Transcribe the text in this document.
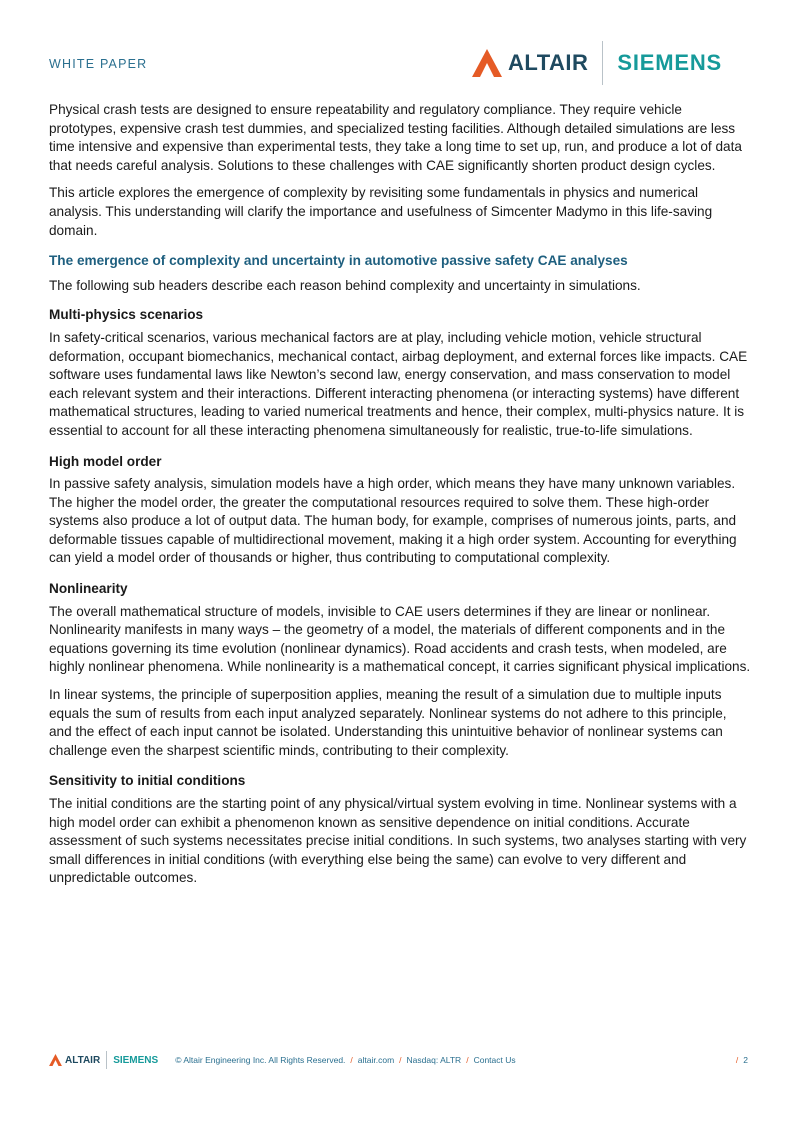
WHITE PAPER	ALTAIR SIEMENS

Physical crash tests are designed to ensure repeatability and regulatory compliance. They require vehicle prototypes, expensive crash test dummies, and specialized testing facilities. Although detailed simulations are less time intensive and expensive than experimental tests, they take a long time to set up, run, and produce a lot of data that needs careful analysis. Solutions to these challenges with CAE significantly shorten product design cycles.

This article explores the emergence of complexity by revisiting some fundamentals in physics and numerical analysis. This understanding will clarify the importance and usefulness of Simcenter Madymo in this life-saving domain.

The emergence of complexity and uncertainty in automotive passive safety CAE analyses

The following sub headers describe each reason behind complexity and uncertainty in simulations.

Multi-physics scenarios

In safety-critical scenarios, various mechanical factors are at play, including vehicle motion, vehicle structural deformation, occupant biomechanics, mechanical contact, airbag deployment, and external forces like impacts. CAE software uses fundamental laws like Newton’s second law, energy conservation, and mass conservation to model each relevant system and their interactions. Different interacting phenomena (or interacting systems) have different mathematical structures, leading to varied numerical treatments and hence, their complex, multi-physics nature. It is essential to account for all these interacting phenomena simultaneously for realistic, true-to-life simulations.

High model order

In passive safety analysis, simulation models have a high order, which means they have many unknown variables. The higher the model order, the greater the computational resources required to solve them. These high-order systems also produce a lot of output data. The human body, for example, comprises of numerous joints, parts, and deformable tissues capable of multidirectional movement, making it a high order system. Accounting for everything can yield a model order of thousands or higher, thus contributing to computational complexity.

Nonlinearity

The overall mathematical structure of models, invisible to CAE users determines if they are linear or nonlinear. Nonlinearity manifests in many ways – the geometry of a model, the materials of different components and in the equations governing its time evolution (nonlinear dynamics). Road accidents and crash tests, when modeled, are highly nonlinear phenomena. While nonlinearity is a mathematical concept, it carries significant physical implications.

In linear systems, the principle of superposition applies, meaning the result of a simulation due to multiple inputs equals the sum of results from each input analyzed separately. Nonlinear systems do not adhere to this principle, and the effect of each input cannot be isolated. Understanding this unintuitive behavior of nonlinear systems can challenge even the sharpest scientific minds, contributing to their complexity.

Sensitivity to initial conditions

The initial conditions are the starting point of any physical/virtual system evolving in time. Nonlinear systems with a high model order can exhibit a phenomenon known as sensitive dependence on initial conditions. Accurate assessment of such systems necessitates precise initial conditions. In such systems, two analyses starting with very small differences in initial conditions (with everything else being the same) can evolve to very different and unpredictable outcomes.

ALTAIR SIEMENS © Altair Engineering Inc. All Rights Reserved. / altair.com / Nasdaq: ALTR / Contact Us	/ 2
